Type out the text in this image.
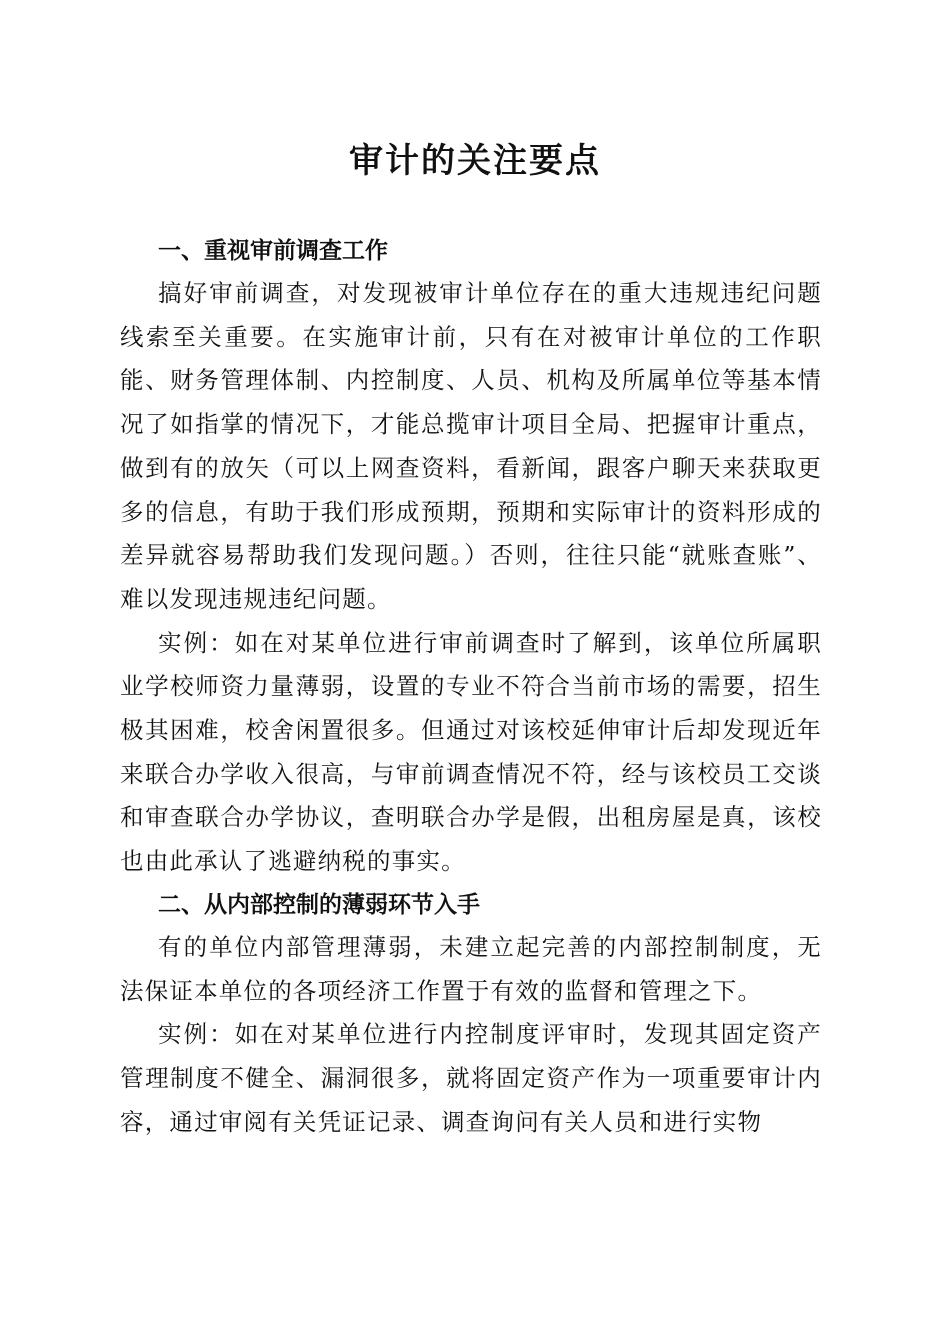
审计的关注要点

一、重视审前调查工作

搞好审前调查，对发现被审计单位存在的重大违规违纪问题线索至关重要。在实施审计前，只有在对被审计单位的工作职能、财务管理体制、内控制度、人员、机构及所属单位等基本情况了如指掌的情况下，才能总揽审计项目全局、把握审计重点，做到有的放矢（可以上网查资料，看新闻，跟客户聊天来获取更多的信息，有助于我们形成预期，预期和实际审计的资料形成的差异就容易帮助我们发现问题。）否则，往往只能“就账查账”、难以发现违规违纪问题。

实例：如在对某单位进行审前调查时了解到，该单位所属职业学校师资力量薄弱，设置的专业不符合当前市场的需要，招生极其困难，校舍闲置很多。但通过对该校延伸审计后却发现近年来联合办学收入很高，与审前调查情况不符，经与该校员工交谈和审查联合办学协议，查明联合办学是假，出租房屋是真，该校也由此承认了逃避纳税的事实。

二、从内部控制的薄弱环节入手

有的单位内部管理薄弱，未建立起完善的内部控制制度，无法保证本单位的各项经济工作置于有效的监督和管理之下。

实例：如在对某单位进行内控制度评审时，发现其固定资产管理制度不健全、漏洞很多，就将固定资产作为一项重要审计内容，通过审阅有关凭证记录、调查询问有关人员和进行实物
